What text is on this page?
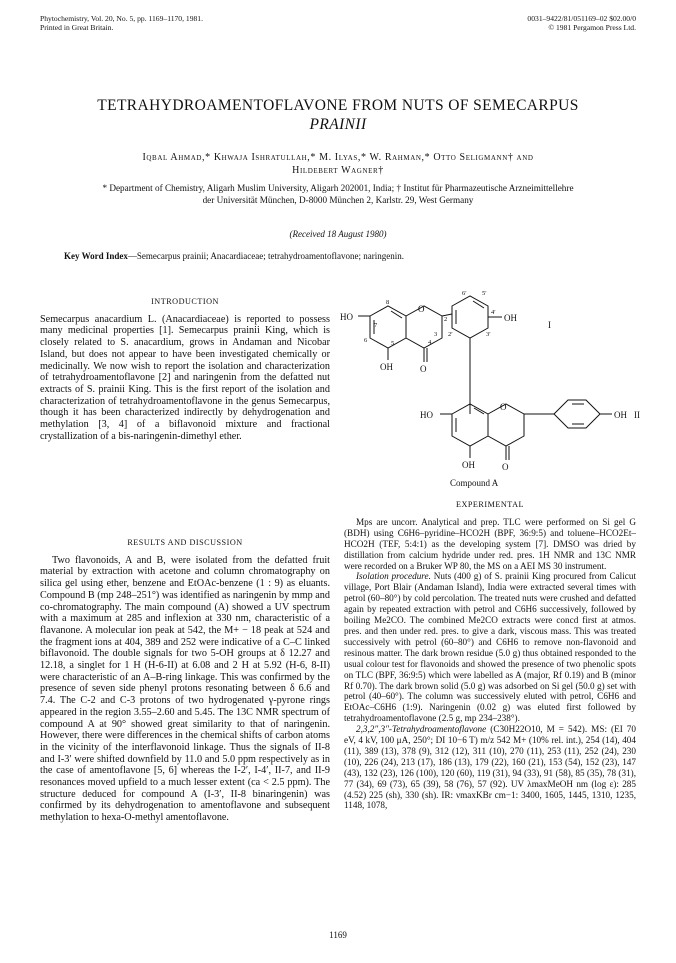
Phytochemistry, Vol. 20, No. 5, pp. 1169–1170, 1981.
Printed in Great Britain.
0031–9422/81/051169–02 $02.00/0
© 1981 Pergamon Press Ltd.
TETRAHYDROAMENTOFLAVONE FROM NUTS OF SEMECARPUS
PRAINII
Iqbal Ahmad,* Khwaja Ishratullah,* M. Ilyas,* W. Rahman,* Otto Seligmann† and
Hildebert Wagner†
* Department of Chemistry, Aligarh Muslim University, Aligarh 202001, India; † Institut für Pharmazeutische Arzneimittellehre
der Universität München, D-8000 München 2, Karlstr. 29, West Germany
(Received 18 August 1980)
Key Word Index—Semecarpus prainii; Anacardiaceae; tetrahydroamentoflavone; naringenin.
INTRODUCTION

Semecarpus anacardium L. (Anacardiaceae) is reported to possess many medicinal properties [1]. Semecarpus prainii King, which is closely related to S. anacardium, grows in Andaman and Nicobar Island, but does not appear to have been investigated chemically or medicinally. We now wish to report the isolation and characterization of tetrahydroamentoflavone [2] and naringenin from the defatted nut extracts of S. prainii King. This is the first report of the isolation and characterization of tetrahydroamentoflavone in the genus Semecarpus, though it has been characterized indirectly by dehydrogenation and methylation [3, 4] of a biflavonoid mixture and fractional crystallization of a bis-naringenin-dimethyl ether.

RESULTS AND DISCUSSION

Two flavonoids, A and B, were isolated from the defatted fruit material by extraction with acetone and column chromatography on silica gel using ether, benzene and EtOAc-benzene (1 : 9) as eluants. Compound B (mp 248–251°) was identified as naringenin by mmp and co-chromatography. The main compound (A) showed a UV spectrum with a maximum at 285 and inflexion at 330 nm, characteristic of a flavanone. A molecular ion peak at 542, the M+ − 18 peak at 524 and the fragment ions at 404, 389 and 252 were indicative of a C–C linked biflavonoid. The double signals for two 5-OH groups at δ 12.27 and 12.18, a singlet for 1 H (H-6-II) at 6.08 and 2 H at 5.92 (H-6, 8-II) were characteristic of an A–B-ring linkage. This was confirmed by the presence of seven side phenyl protons resonating between δ 6.6 and 7.4. The C-2 and C-3 protons of two hydrogenated γ-pyrone rings appeared in the region 3.55–2.60 and 5.45. The 13C NMR spectrum of compound A at 90° showed great similarity to that of naringenin. However, there were differences in the chemical shifts of carbon atoms in the vicinity of the interflavonoid linkage. Thus the signals of II-8 and I-3′ were shifted downfield by 11.0 and 5.0 ppm respectively as in the case of amentoflavone [5, 6] whereas the I-2′, I-4′, II-7, and II-9 resonances moved upfield to a much lesser extent (ca < 2.5 ppm). The structure deduced for compound A (I-3′, II-8 binaringenin) was confirmed by its dehydrogenation to amentoflavone and subsequent methylation to hexa-O-methyl amentoflavone.

HO
O
OH
OH	O
I
HO
O
OH II
OH	O
8
7
6	5	4
2
3
6′ 5′
4′
2′	3′
Compound A
EXPERIMENTAL

Mps are uncorr. Analytical and prep. TLC were performed on Si gel G (BDH) using C6H6–pyridine–HCO2H (BPF, 36:9:5) and toluene–HCO2Et–HCO2H (TEF, 5:4:1) as the developing system [7]. DMSO was dried by distillation from calcium hydride under red. pres. 1H NMR and 13C NMR were recorded on a Bruker WP 80, the MS on a AEI MS 30 instrument.

Isolation procedure. Nuts (400 g) of S. prainii King procured from Calicut village, Port Blair (Andaman Island), India were extracted several times with petrol (60–80°) by cold percolation. The treated nuts were crushed and defatted again by repeated extraction with petrol and C6H6 successively, followed by boiling Me2CO. The combined Me2CO extracts were concd first at atmos. pres. and then under red. pres. to give a dark, viscous mass. This was treated successively with petrol (60–80°) and C6H6 to remove non-flavonoid and resinous matter. The dark brown residue (5.0 g) thus obtained responded to the usual colour test for flavonoids and showed the presence of two phenolic spots on TLC (BPF, 36:9:5) which were labelled as A (major, Rf 0.19) and B (minor Rf 0.70). The dark brown solid (5.0 g) was adsorbed on Si gel (50.0 g) set with petrol (40–60°). The column was successively eluted with petrol, C6H6 and EtOAc–C6H6 (1:9). Naringenin (0.02 g) was eluted first followed by tetrahydroamentoflavone (2.5 g, mp 234–238°).

2,3,2″,3″-Tetrahydroamentoflavone (C30H22O10, M = 542). MS: (EI 70 eV, 4 kV, 100 μA, 250°; DI 10−6 T) m/z 542 M+ (10% rel. int.), 254 (14), 404 (11), 389 (13), 378 (9), 312 (12), 311 (10), 270 (11), 253 (11), 252 (24), 230 (10), 226 (24), 213 (17), 186 (13), 179 (22), 160 (21), 153 (54), 152 (23), 147 (43), 132 (23), 126 (100), 120 (60), 119 (31), 94 (33), 91 (58), 85 (35), 78 (31), 77 (34), 69 (73), 65 (39), 58 (76), 57 (92). UV λmaxMeOH nm (log ε): 285 (4.52) 225 (sh), 330 (sh). IR: νmaxKBr cm−1: 3400, 1605, 1445, 1310, 1235, 1148, 1078,

1169
